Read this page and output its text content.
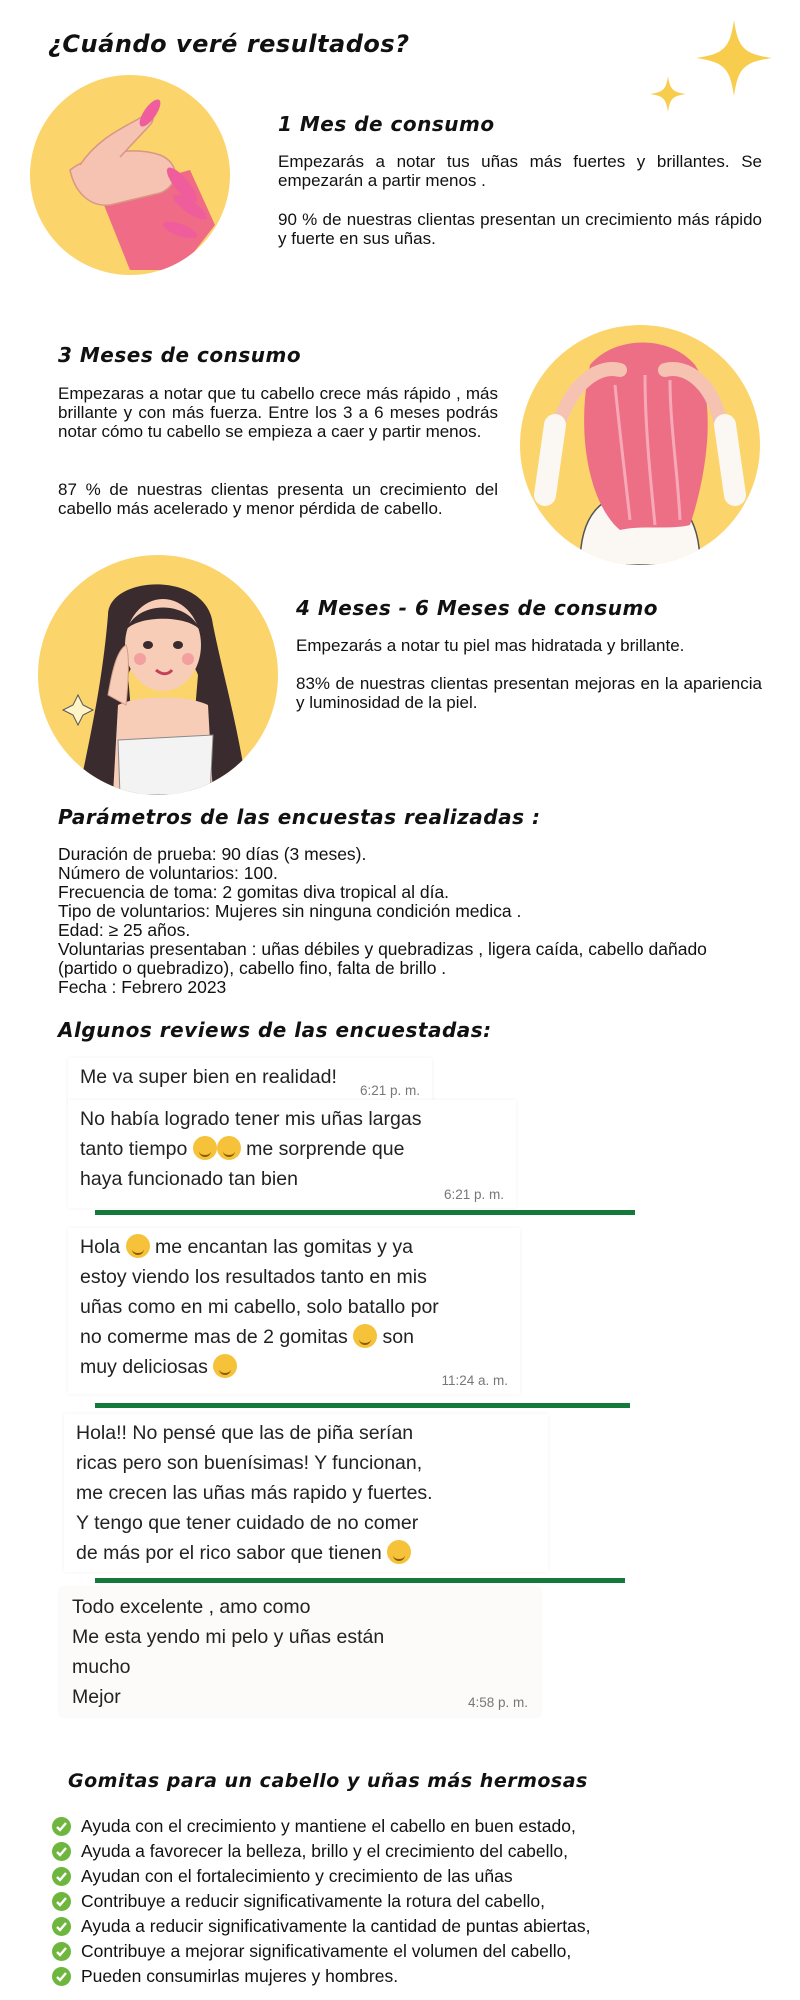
¿Cuándo veré resultados?
1 Mes de consumo
Empezarás a notar tus uñas más fuertes y brillantes. Se empezarán a partir menos .
90 % de nuestras clientas presentan un crecimiento más rápido y fuerte en sus uñas.
3 Meses de consumo
Empezaras a notar que tu cabello crece más rápido , más brillante y con más fuerza. Entre los 3 a 6 meses podrás notar cómo tu cabello se empieza a caer y partir menos.
87 % de nuestras clientas presenta un crecimiento del cabello más acelerado y menor pérdida de cabello.
4 Meses - 6 Meses de consumo
Empezarás a notar tu piel mas hidratada y brillante.
83% de nuestras clientas presentan mejoras en la apariencia y luminosidad de la piel.
Parámetros de las encuestas realizadas :
Duración de prueba: 90 días (3 meses).
Número de voluntarios: 100.
Frecuencia de toma: 2 gomitas diva tropical al día.
Tipo de voluntarios: Mujeres sin ninguna condición medica .
Edad: ≥ 25 años.
Voluntarias presentaban : uñas débiles y quebradizas , ligera caída, cabello dañado
(partido o quebradizo), cabello fino, falta de brillo .
Fecha : Febrero 2023
Algunos reviews de las encuestadas:
Me va super bien en realidad!
6:21 p. m.
No había logrado tener mis uñas largas
tanto tiempo	me sorprende que
haya funcionado tan bien
6:21 p. m.
Hola me encantan las gomitas y ya
estoy viendo los resultados tanto en mis
uñas como en mi cabello, solo batallo por
no comerme mas de 2 gomitas son
muy deliciosas
11:24 a. m.
Hola!! No pensé que las de piña serían
ricas pero son buenísimas! Y funcionan,
me crecen las uñas más rapido y fuertes.
Y tengo que tener cuidado de no comer
de más por el rico sabor que tienen
Todo excelente , amo como
Me esta yendo mi pelo y uñas están
mucho
Mejor	4:58 p. m.
Gomitas para un cabello y uñas más hermosas
Ayuda con el crecimiento y mantiene el cabello en buen estado,
Ayuda a favorecer la belleza, brillo y el crecimiento del cabello,
Ayudan con el fortalecimiento y crecimiento de las uñas
Contribuye a reducir significativamente la rotura del cabello,
Ayuda a reducir significativamente la cantidad de puntas abiertas,
Contribuye a mejorar significativamente el volumen del cabello,
Pueden consumirlas mujeres y hombres.
